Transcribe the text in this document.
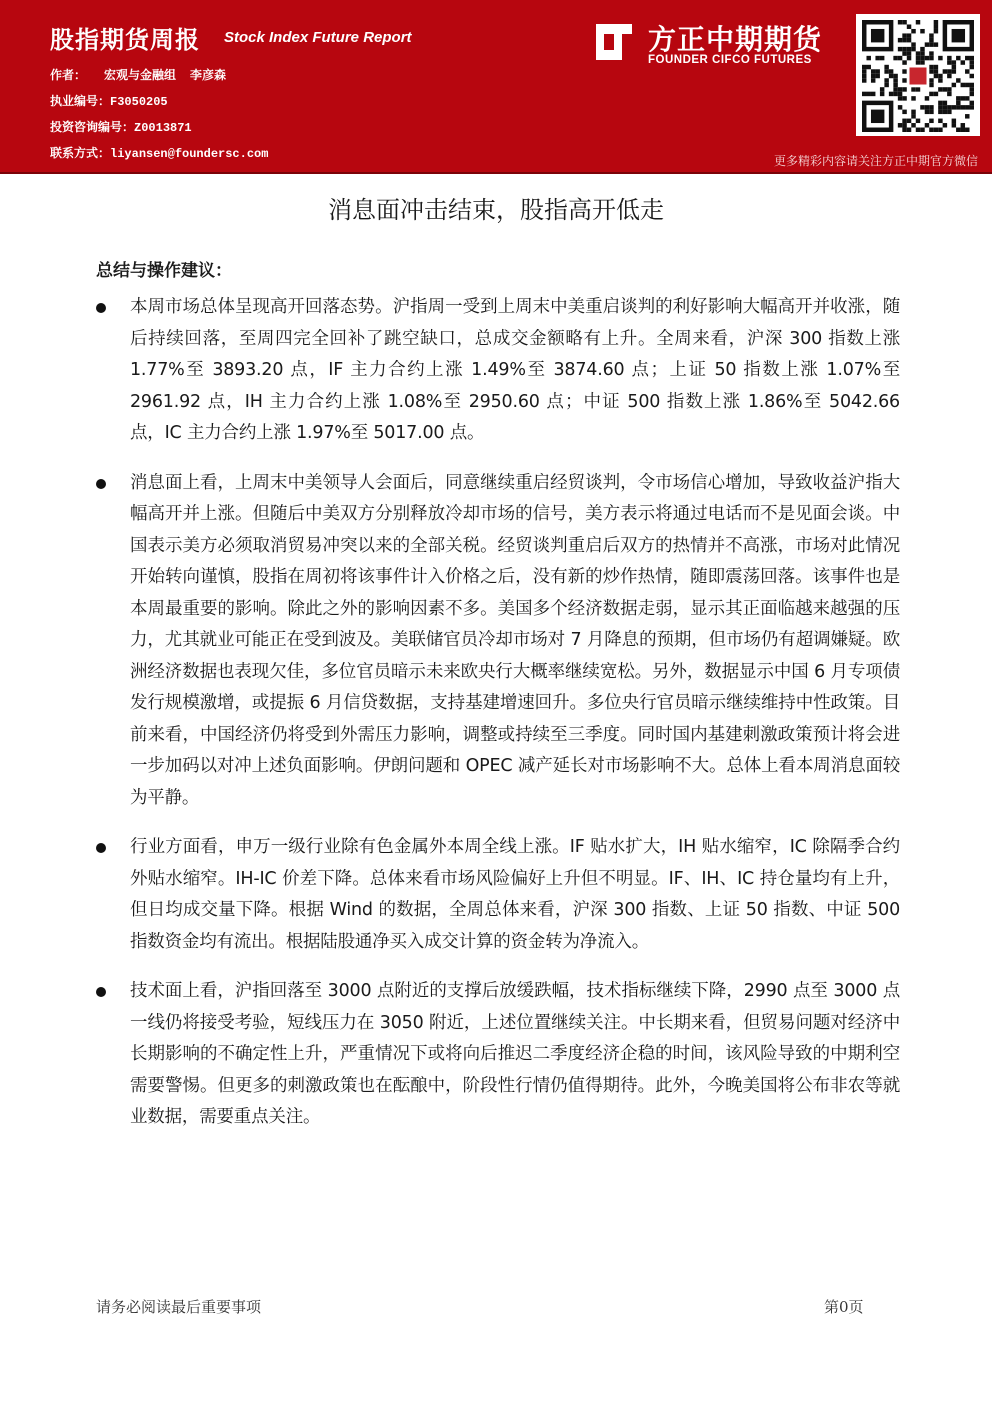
股指期货周报 Stock Index Future Report
作者： 宏观与金融组 李彦森
执业编号：F3050205
投资咨询编号：Z0013871
联系方式：liyansen@foundersc.com
方正中期期货
FOUNDER CIFCO FUTURES
更多精彩内容请关注方正中期官方微信
消息面冲击结束，股指高开低走
总结与操作建议：
本周市场总体呈现高开回落态势。沪指周一受到上周末中美重启谈判的利好影响大幅高开并收涨，随后持续回落，至周四完全回补了跳空缺口，总成交金额略有上升。全周来看，沪深 300 指数上涨 1.77%至 3893.20 点，IF 主力合约上涨 1.49%至 3874.60 点；上证 50 指数上涨 1.07%至 2961.92 点，IH 主力合约上涨 1.08%至 2950.60 点；中证 500 指数上涨 1.86%至 5042.66 点，IC 主力合约上涨 1.97%至 5017.00 点。
消息面上看，上周末中美领导人会面后，同意继续重启经贸谈判，令市场信心增加，导致收益沪指大幅高开并上涨。但随后中美双方分别释放冷却市场的信号，美方表示将通过电话而不是见面会谈。中国表示美方必须取消贸易冲突以来的全部关税。经贸谈判重启后双方的热情并不高涨，市场对此情况开始转向谨慎，股指在周初将该事件计入价格之后，没有新的炒作热情，随即震荡回落。该事件也是本周最重要的影响。除此之外的影响因素不多。美国多个经济数据走弱，显示其正面临越来越强的压力，尤其就业可能正在受到波及。美联储官员冷却市场对 7 月降息的预期，但市场仍有超调嫌疑。欧洲经济数据也表现欠佳，多位官员暗示未来欧央行大概率继续宽松。另外，数据显示中国 6 月专项债发行规模激增，或提振 6 月信贷数据，支持基建增速回升。多位央行官员暗示继续维持中性政策。目前来看，中国经济仍将受到外需压力影响，调整或持续至三季度。同时国内基建刺激政策预计将会进一步加码以对冲上述负面影响。伊朗问题和 OPEC 减产延长对市场影响不大。总体上看本周消息面较为平静。
行业方面看，申万一级行业除有色金属外本周全线上涨。IF 贴水扩大，IH 贴水缩窄，IC 除隔季合约外贴水缩窄。IH-IC 价差下降。总体来看市场风险偏好上升但不明显。IF、IH、IC 持仓量均有上升，但日均成交量下降。根据 Wind 的数据，全周总体来看，沪深 300 指数、上证 50 指数、中证 500 指数资金均有流出。根据陆股通净买入成交计算的资金转为净流入。
技术面上看，沪指回落至 3000 点附近的支撑后放缓跌幅，技术指标继续下降，2990 点至 3000 点一线仍将接受考验，短线压力在 3050 附近，上述位置继续关注。中长期来看，但贸易问题对经济中长期影响的不确定性上升，严重情况下或将向后推迟二季度经济企稳的时间，该风险导致的中期利空需要警惕。但更多的刺激政策也在酝酿中，阶段性行情仍值得期待。此外，今晚美国将公布非农等就业数据，需要重点关注。
请务必阅读最后重要事项	第0页
